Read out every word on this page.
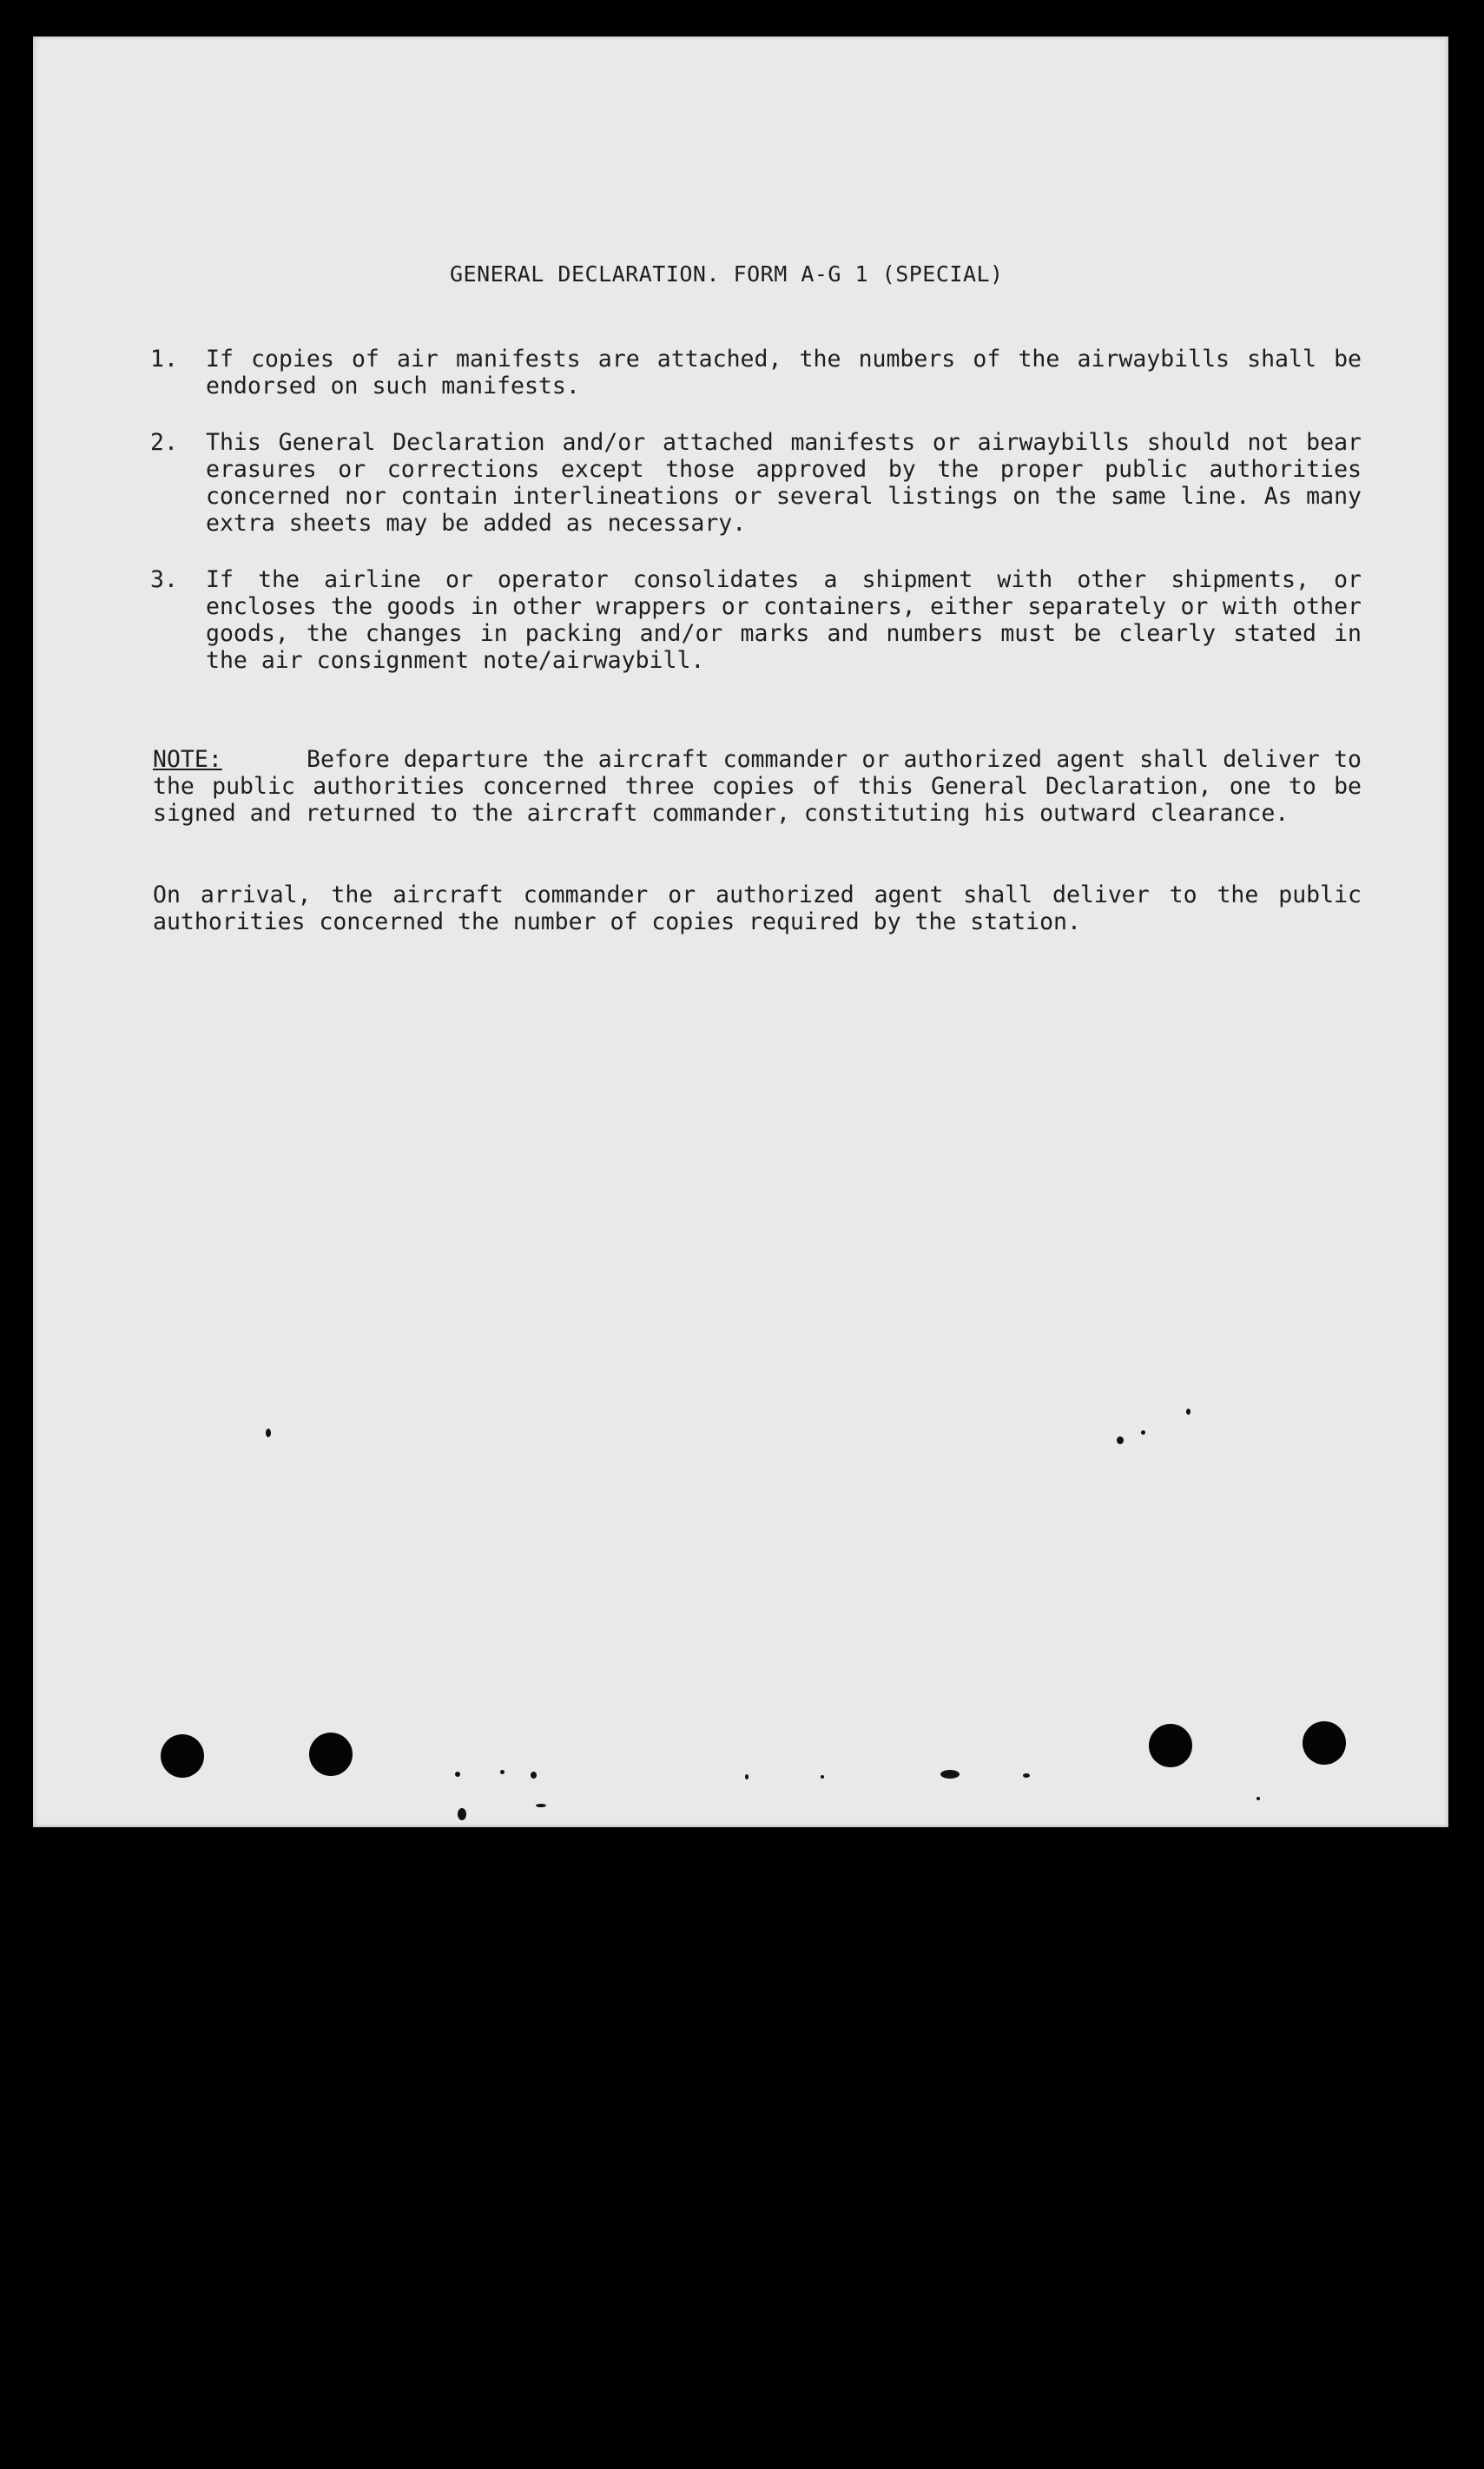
GENERAL DECLARATION. FORM A-G 1 (SPECIAL)
1.	If copies of air manifests are attached, the numbers of the airwaybills shall be endorsed on such manifests.
2.	This General Declaration and/or attached manifests or airwaybills should not bear erasures or corrections except those approved by the proper public authorities concerned nor contain interlineations or several listings on the same line. As many extra sheets may be added as necessary.
3.	If the airline or operator consolidates a shipment with other shipments, or encloses the goods in other wrappers or containers, either separately or with other goods, the changes in packing and/or marks and numbers must be clearly stated in the air consignment note/airwaybill.

NOTE:	Before departure the aircraft commander or authorized agent shall deliver to the public authorities concerned three copies of this General Declaration, one to be signed and returned to the aircraft commander, constituting his outward clearance.

On arrival, the aircraft commander or authorized agent shall deliver to the public authorities concerned the number of copies required by the station.
